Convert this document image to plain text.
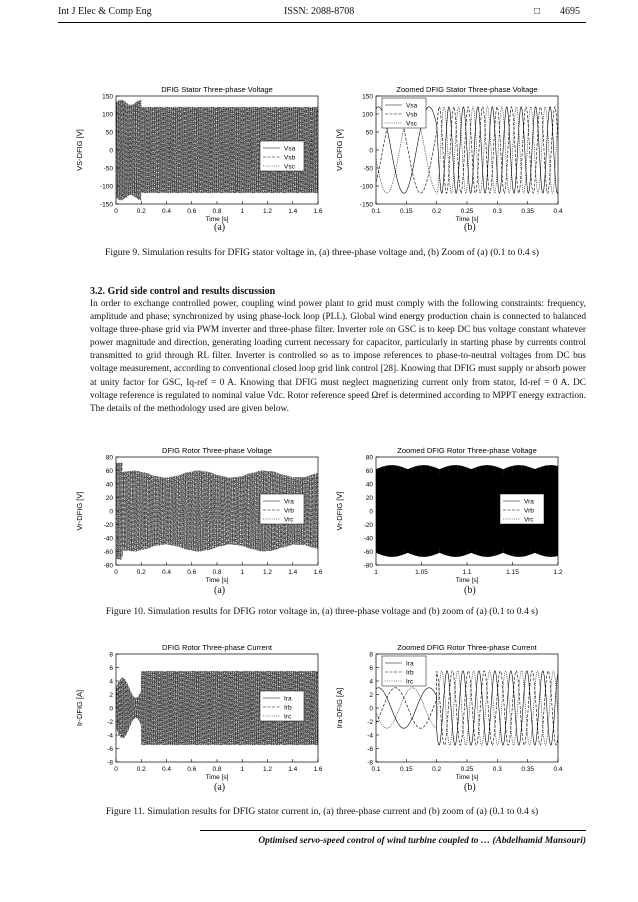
Int J Elec & Comp Eng	ISSN: 2088-8708	□ 4695
DFIG Stator Three-phase Voltage
0	0.2 0.4 0.6 0.8	1	1.2 1.4 1.6
150
100
50
0
-50
-100
-150
Time [s]
VS-DFIG [V]	Vsa
Vsb
Vsc
Zoomed DFIG Stator Three-phase Voltage
0.1	0.15	0.2	0.25	0.3	0.35	0.4
150
100
50
0
-50
-100
-150
Time [s]
VS-DFIG [V]
Vsa
Vsb
Vsc
(a)	(b)
Figure 9. Simulation results for DFIG stator voltage in, (a) three-phase voltage and, (b) Zoom of (a) (0.1 to 0.4 s)
3.2. Grid side control and results discussion
In order to exchange controlled power, coupling wind power plant to grid must comply with the following constraints: frequency, amplitude and phase; synchronized by using phase-lock loop (PLL). Global wind energy production chain is connected to balanced voltage three-phase grid via PWM inverter and three-phase filter. Inverter role on GSC is to keep DC bus voltage constant whatever power magnitude and direction, generating loading current necessary for capacitor, particularly in starting phase by currents control transmitted to grid through RL filter. Inverter is controlled so as to impose references to phase-to-neutral voltages from DC bus voltage measurement, according to conventional closed loop grid link control [28]. Knowing that DFIG must supply or absorb power at unity factor for GSC, Iq-ref = 0 A. Knowing that DFIG must neglect magnetizing current only from stator, Id-ref = 0 A. DC voltage reference is regulated to nominal value Vdc. Rotor reference speed Ωref is determined according to MPPT energy extraction. The details of the methodology used are given below.
DFIG Rotor Three-phase Voltage
0	0.2 0.4 0.6 0.8	1	1.2 1.4 1.6
80
60
40
20
0
-20
-40
-60
-80
Time [s]
Vr-DFIG [V]	Vra
Vrb
Vrc
Zoomed DFIG Rotor Three-phase Voltage
1	1.05	1.1	1.15	1.2
80
60
40
20
0
-20
-40
-60
-80
Time [s]
Vr-DFIG [V]	Vra
Vrb
Vrc
(a)	(b)
Figure 10. Simulation results for DFIG rotor voltage in, (a) three-phase voltage and (b) zoom of (a) (0.1 to 0.4 s)
DFIG Rotor Three-phase Current
0	0.2 0.4 0.6 0.8	1	1.2 1.4 1.6
8
6
4
2
0
-2
-4
-6
-8
Time [s]
Ir-DFIG [A]	Ira
Irb
Irc
Zoomed DFIG Rotor Three-phase Current
0.1	0.15	0.2	0.25	0.3	0.35	0.4
8
6
4
2
0
-2
-4
-6
-8
Time [s]
Ira-DFIG [A]
Ira
Irb
Irc
(a)	(b)
Figure 11. Simulation results for DFIG stator current in, (a) three-phase current and (b) zoom of (a) (0.1 to 0.4 s)
Optimised servo-speed control of wind turbine coupled to … (Abdelhamid Mansouri)
